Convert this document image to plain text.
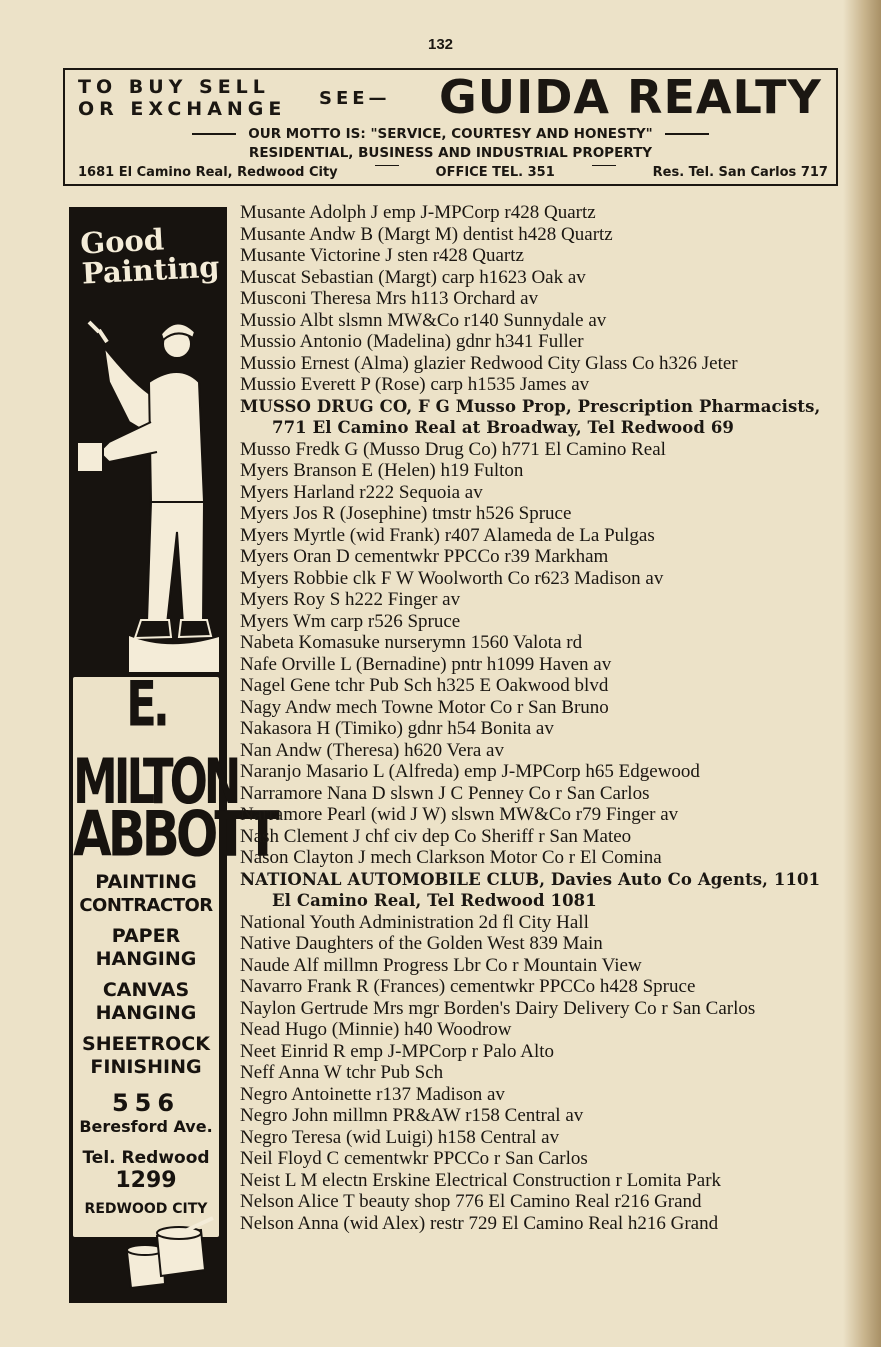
132
TO BUY SELL
OR EXCHANGE SEE— GUIDA REALTY
OUR MOTTO IS: "SERVICE, COURTESY AND HONESTY"
RESIDENTIAL, BUSINESS AND INDUSTRIAL PROPERTY
1681 El Camino Real, Redwood City	OFFICE TEL. 351	Res. Tel. San Carlos 717
Good
Painting
E. MILTON
ABBOTT
PAINTING
CONTRACTOR
PAPER
HANGING
CANVAS
HANGING
SHEETROCK
FINISHING
556
Beresford Ave.
Tel. Redwood
1299
REDWOOD CITY
Musante Adolph J emp J-MPCorp r428 Quartz
Musante Andw B (Margt M) dentist h428 Quartz
Musante Victorine J sten r428 Quartz
Muscat Sebastian (Margt) carp h1623 Oak av
Musconi Theresa Mrs h113 Orchard av
Mussio Albt slsmn MW&Co r140 Sunnydale av
Mussio Antonio (Madelina) gdnr h341 Fuller
Mussio Ernest (Alma) glazier Redwood City Glass Co h326 Jeter
Mussio Everett P (Rose) carp h1535 James av
MUSSO DRUG CO, F G Musso Prop, Prescription Pharmacists, 771 El Camino Real at Broadway, Tel Redwood 69
Musso Fredk G (Musso Drug Co) h771 El Camino Real
Myers Branson E (Helen) h19 Fulton
Myers Harland r222 Sequoia av
Myers Jos R (Josephine) tmstr h526 Spruce
Myers Myrtle (wid Frank) r407 Alameda de La Pulgas
Myers Oran D cementwkr PPCCo r39 Markham
Myers Robbie clk F W Woolworth Co r623 Madison av
Myers Roy S h222 Finger av
Myers Wm carp r526 Spruce
Nabeta Komasuke nurserymn 1560 Valota rd
Nafe Orville L (Bernadine) pntr h1099 Haven av
Nagel Gene tchr Pub Sch h325 E Oakwood blvd
Nagy Andw mech Towne Motor Co r San Bruno
Nakasora H (Timiko) gdnr h54 Bonita av
Nan Andw (Theresa) h620 Vera av
Naranjo Masario L (Alfreda) emp J-MPCorp h65 Edgewood
Narramore Nana D slswn J C Penney Co r San Carlos
Narramore Pearl (wid J W) slswn MW&Co r79 Finger av
Nash Clement J chf civ dep Co Sheriff r San Mateo
Nason Clayton J mech Clarkson Motor Co r El Comina
NATIONAL AUTOMOBILE CLUB, Davies Auto Co Agents, 1101 El Camino Real, Tel Redwood 1081
National Youth Administration 2d fl City Hall
Native Daughters of the Golden West 839 Main
Naude Alf millmn Progress Lbr Co r Mountain View
Navarro Frank R (Frances) cementwkr PPCCo h428 Spruce
Naylon Gertrude Mrs mgr Borden's Dairy Delivery Co r San Carlos
Nead Hugo (Minnie) h40 Woodrow
Neet Einrid R emp J-MPCorp r Palo Alto
Neff Anna W tchr Pub Sch
Negro Antoinette r137 Madison av
Negro John millmn PR&AW r158 Central av
Negro Teresa (wid Luigi) h158 Central av
Neil Floyd C cementwkr PPCCo r San Carlos
Neist L M electn Erskine Electrical Construction r Lomita Park
Nelson Alice T beauty shop 776 El Camino Real r216 Grand
Nelson Anna (wid Alex) restr 729 El Camino Real h216 Grand
